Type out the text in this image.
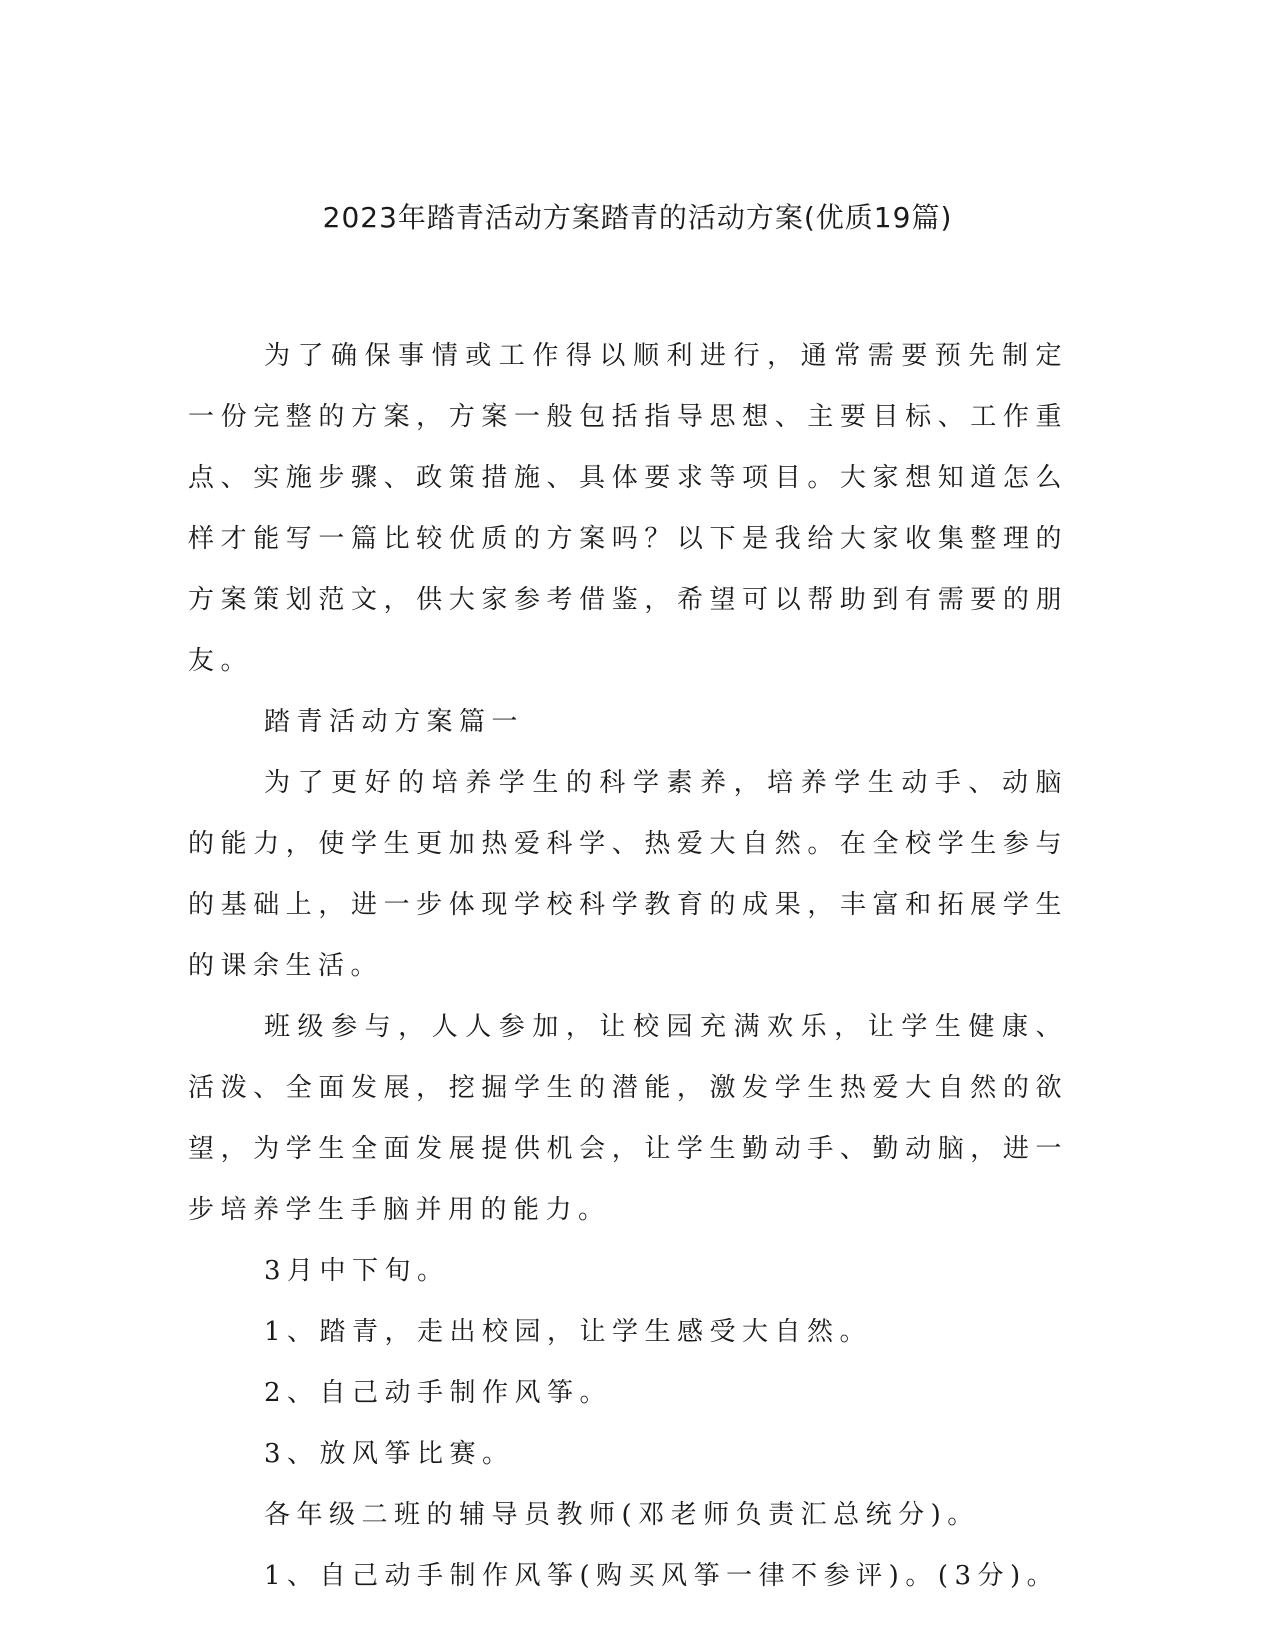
2023年踏青活动方案踏青的活动方案(优质19篇)

为了确保事情或工作得以顺利进行，通常需要预先制定一份完整的方案，方案一般包括指导思想、主要目标、工作重点、实施步骤、政策措施、具体要求等项目。大家想知道怎么样才能写一篇比较优质的方案吗？以下是我给大家收集整理的方案策划范文，供大家参考借鉴，希望可以帮助到有需要的朋友。

踏青活动方案篇一

为了更好的培养学生的科学素养，培养学生动手、动脑的能力，使学生更加热爱科学、热爱大自然。在全校学生参与的基础上，进一步体现学校科学教育的成果，丰富和拓展学生的课余生活。

班级参与，人人参加，让校园充满欢乐，让学生健康、活泼、全面发展，挖掘学生的潜能，激发学生热爱大自然的欲望，为学生全面发展提供机会，让学生勤动手、勤动脑，进一步培养学生手脑并用的能力。

3月中下旬。

1、踏青，走出校园，让学生感受大自然。

2、自己动手制作风筝。

3、放风筝比赛。

各年级二班的辅导员教师(邓老师负责汇总统分)。

1、自己动手制作风筝(购买风筝一律不参评)。(3分)。
